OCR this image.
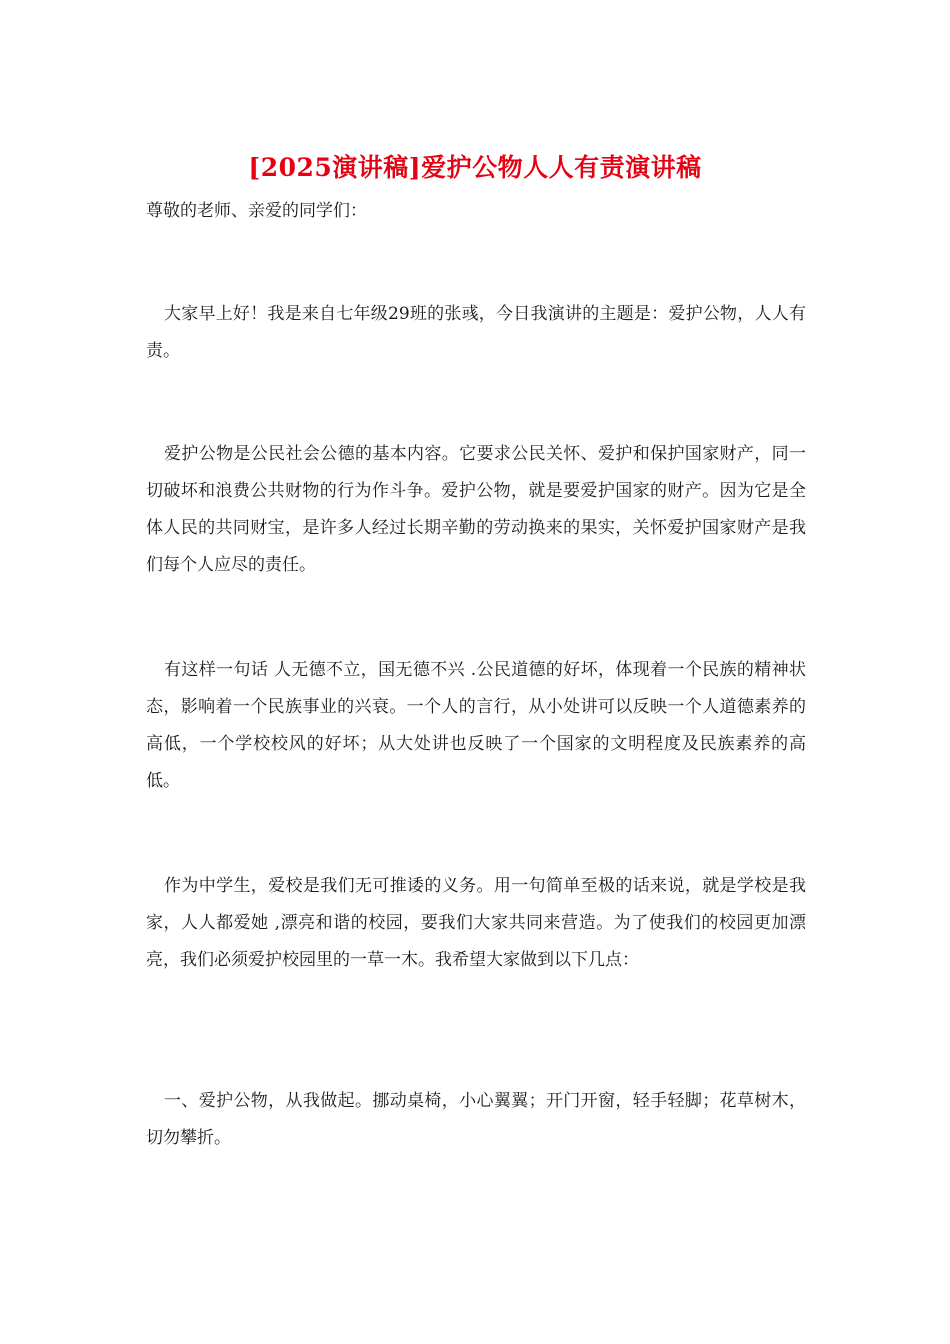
[2025演讲稿]爱护公物人人有责演讲稿
尊敬的老师、亲爱的同学们：

大家早上好！我是来自七年级29班的张彧，今日我演讲的主题是：爱护公物，人人有责。

爱护公物是公民社会公德的基本内容。它要求公民关怀、爱护和保护国家财产，同一切破坏和浪费公共财物的行为作斗争。爱护公物，就是要爱护国家的财产。因为它是全体人民的共同财宝，是许多人经过长期辛勤的劳动换来的果实，关怀爱护国家财产是我们每个人应尽的责任。

有这样一句话 人无德不立，国无德不兴 .公民道德的好坏，体现着一个民族的精神状态，影响着一个民族事业的兴衰。一个人的言行，从小处讲可以反映一个人道德素养的高低，一个学校校风的好坏；从大处讲也反映了一个国家的文明程度及民族素养的高低。

作为中学生，爱校是我们无可推诿的义务。用一句简单至极的话来说，就是学校是我家，人人都爱她 ,漂亮和谐的校园，要我们大家共同来营造。为了使我们的校园更加漂亮，我们必须爱护校园里的一草一木。我希望大家做到以下几点：

一、爱护公物，从我做起。挪动桌椅，小心翼翼；开门开窗，轻手轻脚；花草树木，切勿攀折。
